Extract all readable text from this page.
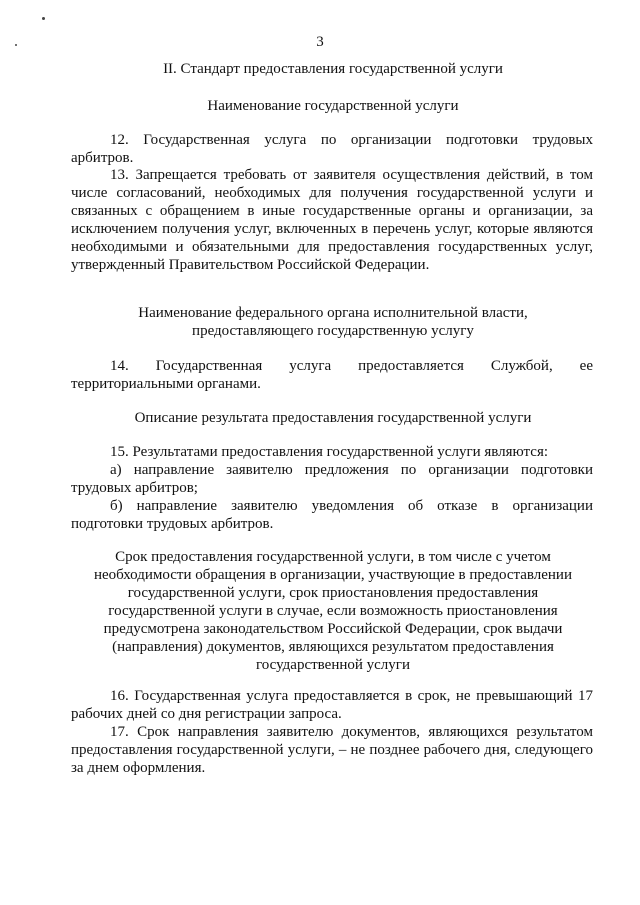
3
II. Стандарт предоставления государственной услуги
Наименование государственной услуги
12. Государственная услуга по организации подготовки трудовых арбитров.
13. Запрещается требовать от заявителя осуществления действий, в том числе согласований, необходимых для получения государственной услуги и связанных с обращением в иные государственные органы и организации, за исключением получения услуг, включенных в перечень услуг, которые являются необходимыми и обязательными для предоставления государственных услуг, утвержденный Правительством Российской Федерации.
Наименование федерального органа исполнительной власти,
предоставляющего государственную услугу
14. Государственная услуга предоставляется Службой, ее территориальными органами.
Описание результата предоставления государственной услуги
15. Результатами предоставления государственной услуги являются:
а) направление заявителю предложения по организации подготовки трудовых арбитров;
б) направление заявителю уведомления об отказе в организации подготовки трудовых арбитров.
Срок предоставления государственной услуги, в том числе с учетом
необходимости обращения в организации, участвующие в предоставлении
государственной услуги, срок приостановления предоставления
государственной услуги в случае, если возможность приостановления
предусмотрена законодательством Российской Федерации, срок выдачи
(направления) документов, являющихся результатом предоставления
государственной услуги
16. Государственная услуга предоставляется в срок, не превышающий 17 рабочих дней со дня регистрации запроса.
17. Срок направления заявителю документов, являющихся результатом предоставления государственной услуги, – не позднее рабочего дня, следующего за днем оформления.
